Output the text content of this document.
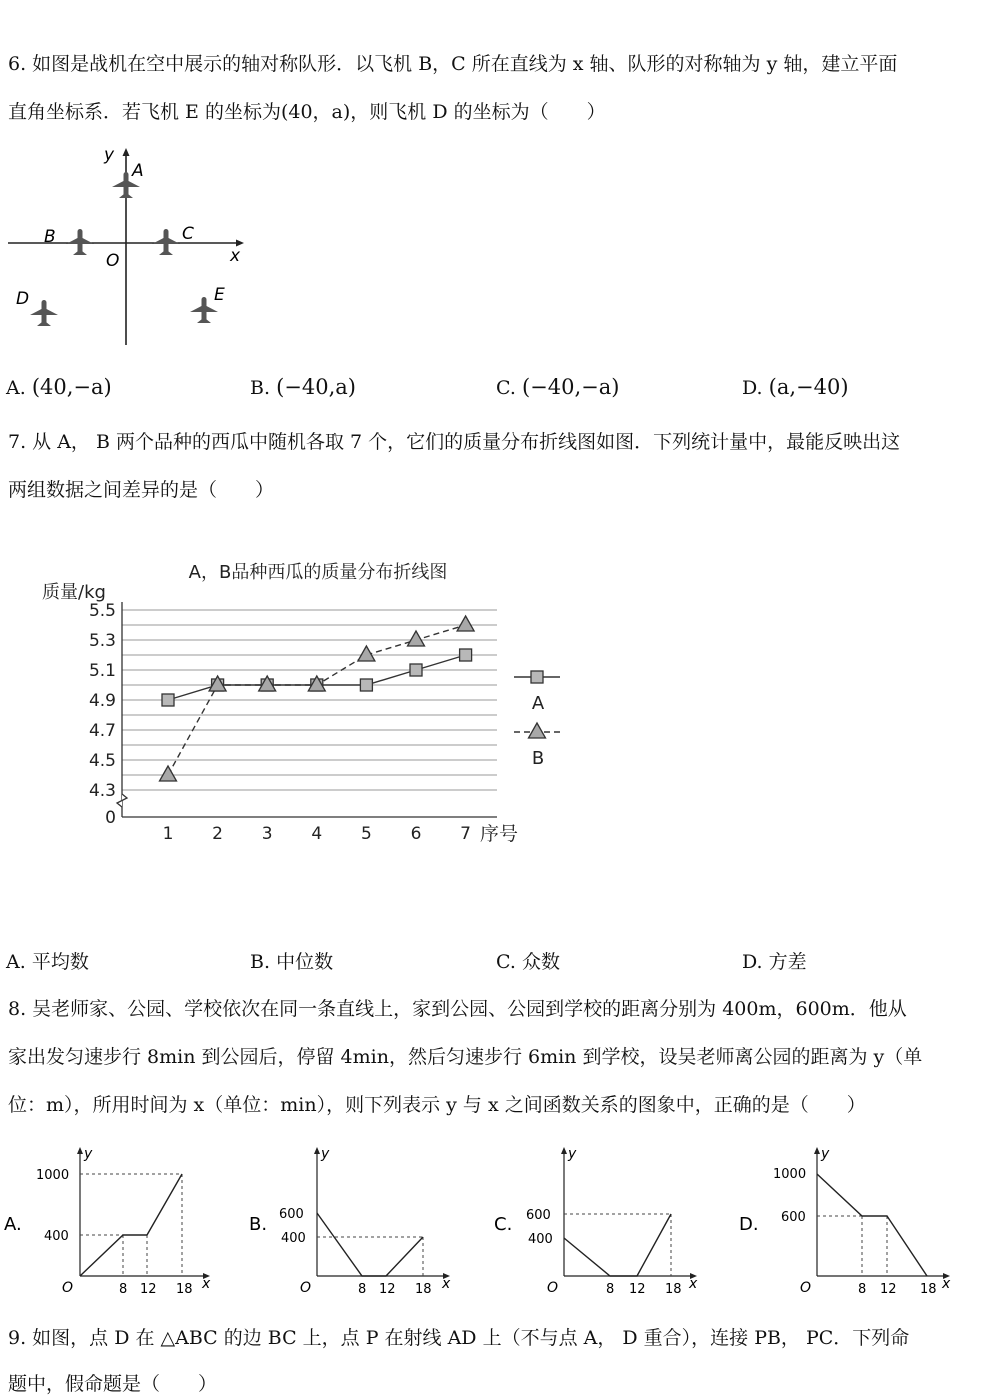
6. 如图是战机在空中展示的轴对称队形．以飞机 B，C 所在直线为 x 轴、队形的对称轴为 y 轴，建立平面
直角坐标系．若飞机 E 的坐标为(40，a)，则飞机 D 的坐标为（　　）
y
A
B	C
O	x
D	E
A. (40,−a)	B. (−40,a)	C. (−40,−a)	D. (a,−40)
7. 从 A， B 两个品种的西瓜中随机各取 7 个，它们的质量分布折线图如图．下列统计量中，最能反映出这
两组数据之间差异的是（　　）
A，B品种西瓜的质量分布折线图
质量/kg
序号
5.5
5.3
5.1
4.9
4.7
4.5
4.3
0
1 2 3 4 5 6 7
A
B
A. 平均数	B. 中位数	C. 众数	D. 方差
8. 吴老师家、公园、学校依次在同一条直线上，家到公园、公园到学校的距离分别为 400m，600m．他从
家出发匀速步行 8min 到公园后，停留 4min，然后匀速步行 6min 到学校，设吴老师离公园的距离为 y（单
位：m），所用时间为 x（单位：min），则下列表示 y 与 x 之间函数关系的图象中，正确的是（　　）
A.
y
x
O
1000
400
8 12 18
B.
y
x
O
600
400
8 12 18
C.
y
x
O
600
400
8 12 18
D.
y
x
O
1000
600
8 12 18
9. 如图，点 D 在 △ABC 的边 BC 上，点 P 在射线 AD 上（不与点 A， D 重合），连接 PB， PC．下列命
题中，假命题是（　　）
